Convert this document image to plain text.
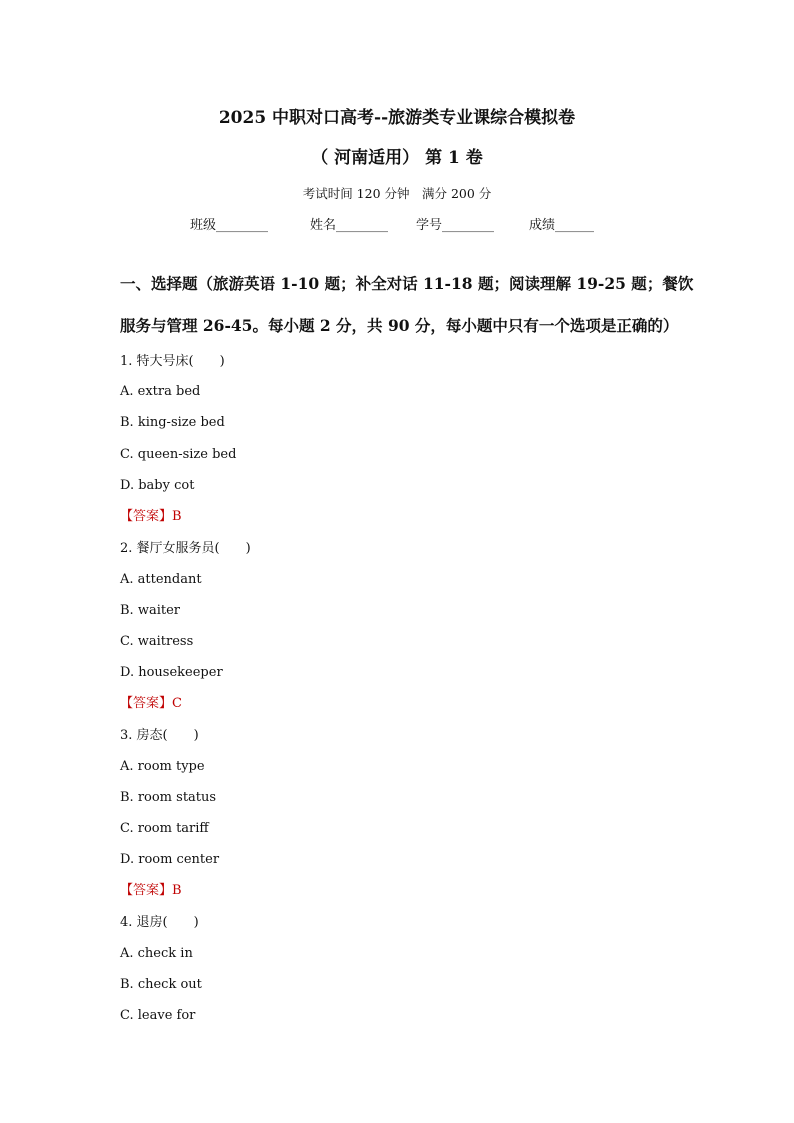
2025 中职对口高考--旅游类专业课综合模拟卷
（ 河南适用） 第 1 卷
考试时间 120 分钟　满分 200 分
班级________	姓名________ 学号________	成绩______
一、选择题（旅游英语 1-10 题；补全对话 11-18 题；阅读理解 19-25 题；餐饮
服务与管理 26-45。每小题 2 分，共 90 分，每小题中只有一个选项是正确的）
1. 特大号床(　　)
A. extra bed
B. king-size bed
C. queen-size bed
D. baby cot
【答案】B
2. 餐厅女服务员(　　)
A. attendant
B. waiter
C. waitress
D. housekeeper
【答案】C
3. 房态(　　)
A. room type
B. room status
C. room tariff
D. room center
【答案】B
4. 退房(　　)
A. check in
B. check out
C. leave for
